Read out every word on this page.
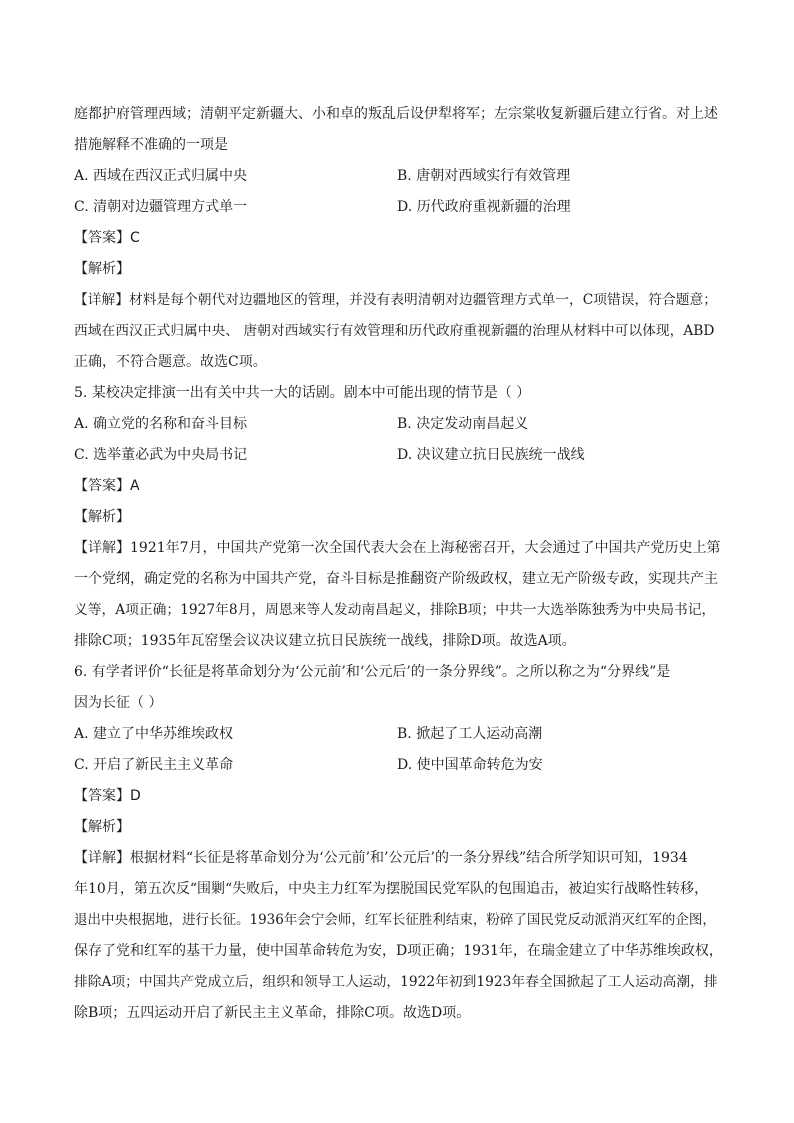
庭都护府管理西域；清朝平定新疆大、小和卓的叛乱后设伊犁将军；左宗棠收复新疆后建立行省。对上述
措施解释不准确的一项是
A. 西域在西汉正式归属中央	B. 唐朝对西域实行有效管理
C. 清朝对边疆管理方式单一	D. 历代政府重视新疆的治理
【答案】C
【解析】
【详解】材料是每个朝代对边疆地区的管理，并没有表明清朝对边疆管理方式单一，C项错误，符合题意；
西域在西汉正式归属中央、 唐朝对西域实行有效管理和历代政府重视新疆的治理从材料中可以体现，ABD
正确，不符合题意。故选C项。
5. 某校决定排演一出有关中共一大的话剧。剧本中可能出现的情节是（ ）
A. 确立党的名称和奋斗目标	B. 决定发动南昌起义
C. 选举董必武为中央局书记	D. 决议建立抗日民族统一战线
【答案】A
【解析】
【详解】1921年7月，中国共产党第一次全国代表大会在上海秘密召开，大会通过了中国共产党历史上第
一个党纲，确定党的名称为中国共产党，奋斗目标是推翻资产阶级政权，建立无产阶级专政，实现共产主
义等，A项正确；1927年8月，周恩来等人发动南昌起义，排除B项；中共一大选举陈独秀为中央局书记，
排除C项；1935年瓦窑堡会议决议建立抗日民族统一战线，排除D项。故选A项。
6. 有学者评价“长征是将革命划分为‘公元前’和‘公元后’的一条分界线”。之所以称之为“分界线”是
因为长征（ ）
A. 建立了中华苏维埃政权	B. 掀起了工人运动高潮
C. 开启了新民主主义革命	D. 使中国革命转危为安
【答案】D
【解析】
【详解】根据材料“长征是将革命划分为‘公元前’和’公元后’的一条分界线”结合所学知识可知，1934
年10月，第五次反“围剿“失败后，中央主力红军为摆脱国民党军队的包围追击，被迫实行战略性转移，
退出中央根据地，进行长征。1936年会宁会师，红军长征胜利结束，粉碎了国民党反动派消灭红军的企图，
保存了党和红军的基干力量，使中国革命转危为安，D项正确；1931年，在瑞金建立了中华苏维埃政权，
排除A项；中国共产党成立后，组织和领导工人运动，1922年初到1923年春全国掀起了工人运动高潮，排
除B项；五四运动开启了新民主主义革命，排除C项。故选D项。
